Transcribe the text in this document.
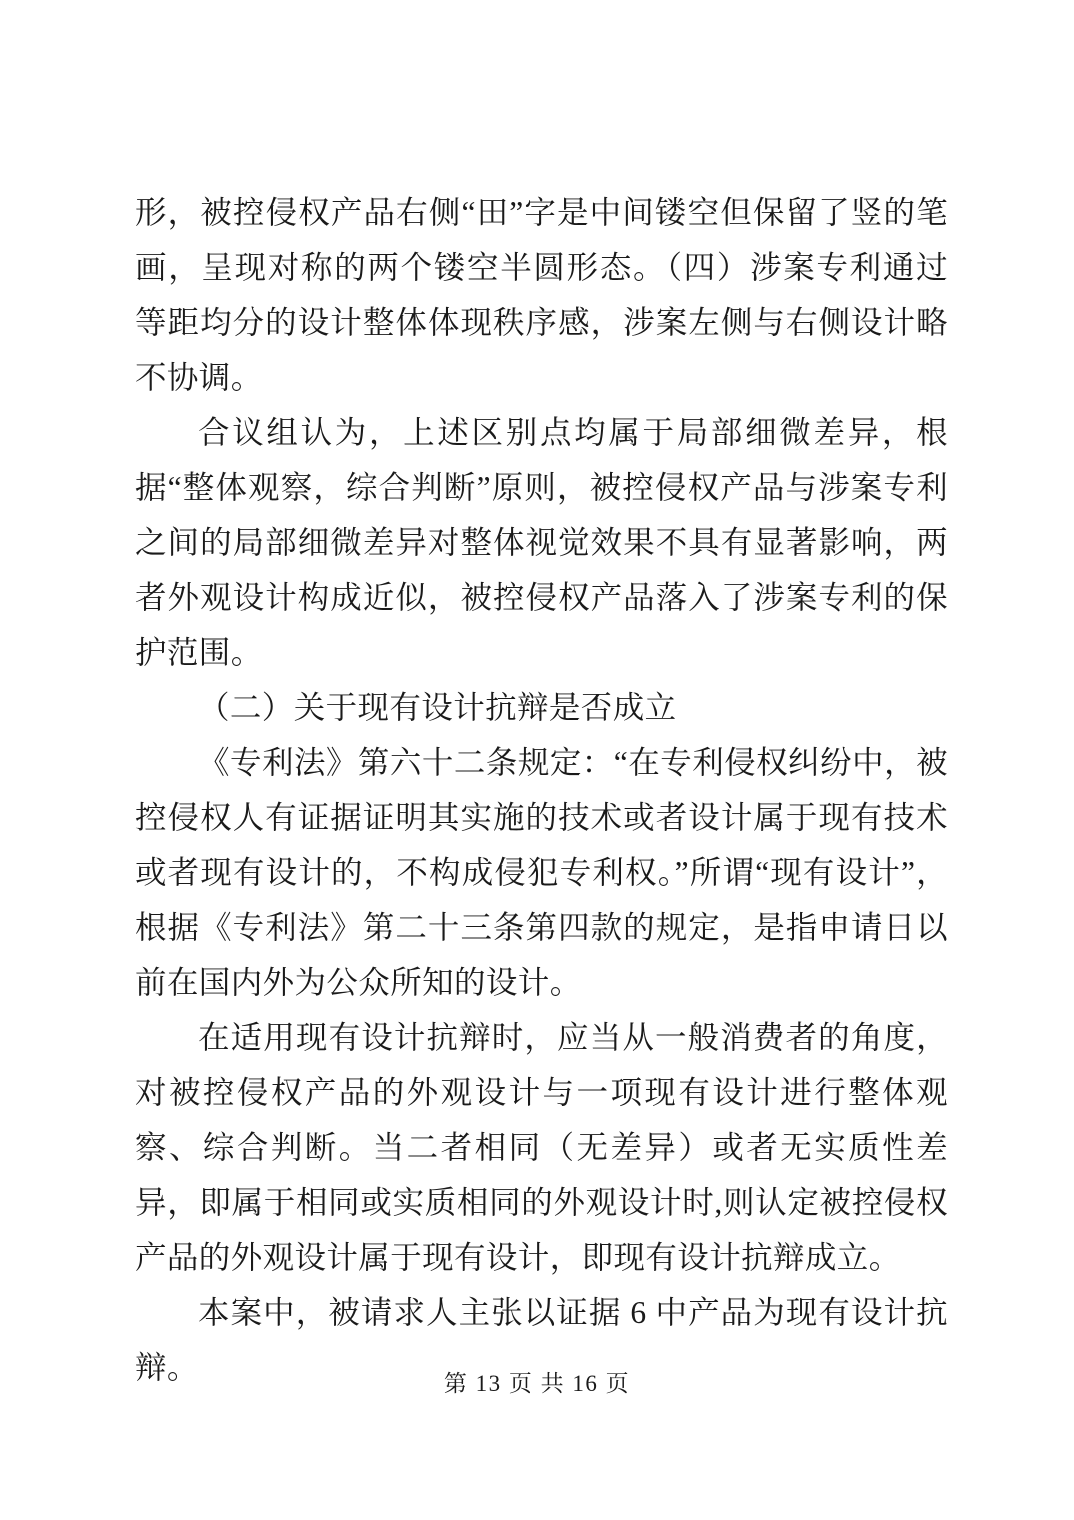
形，被控侵权产品右侧“田”字是中间镂空但保留了竖的笔画，呈现对称的两个镂空半圆形态。（四）涉案专利通过等距均分的设计整体体现秩序感，涉案左侧与右侧设计略不协调。

合议组认为，上述区别点均属于局部细微差异，根据“整体观察，综合判断”原则，被控侵权产品与涉案专利之间的局部细微差异对整体视觉效果不具有显著影响，两者外观设计构成近似，被控侵权产品落入了涉案专利的保护范围。

（二）关于现有设计抗辩是否成立

《专利法》第六十二条规定：“在专利侵权纠纷中，被控侵权人有证据证明其实施的技术或者设计属于现有技术或者现有设计的，不构成侵犯专利权。”所谓“现有设计”，根据《专利法》第二十三条第四款的规定，是指申请日以前在国内外为公众所知的设计。

在适用现有设计抗辩时，应当从一般消费者的角度，对被控侵权产品的外观设计与一项现有设计进行整体观察、综合判断。当二者相同（无差异）或者无实质性差异，即属于相同或实质相同的外观设计时,则认定被控侵权产品的外观设计属于现有设计，即现有设计抗辩成立。

本案中，被请求人主张以证据 6 中产品为现有设计抗辩。	第 13 页 共 16 页
